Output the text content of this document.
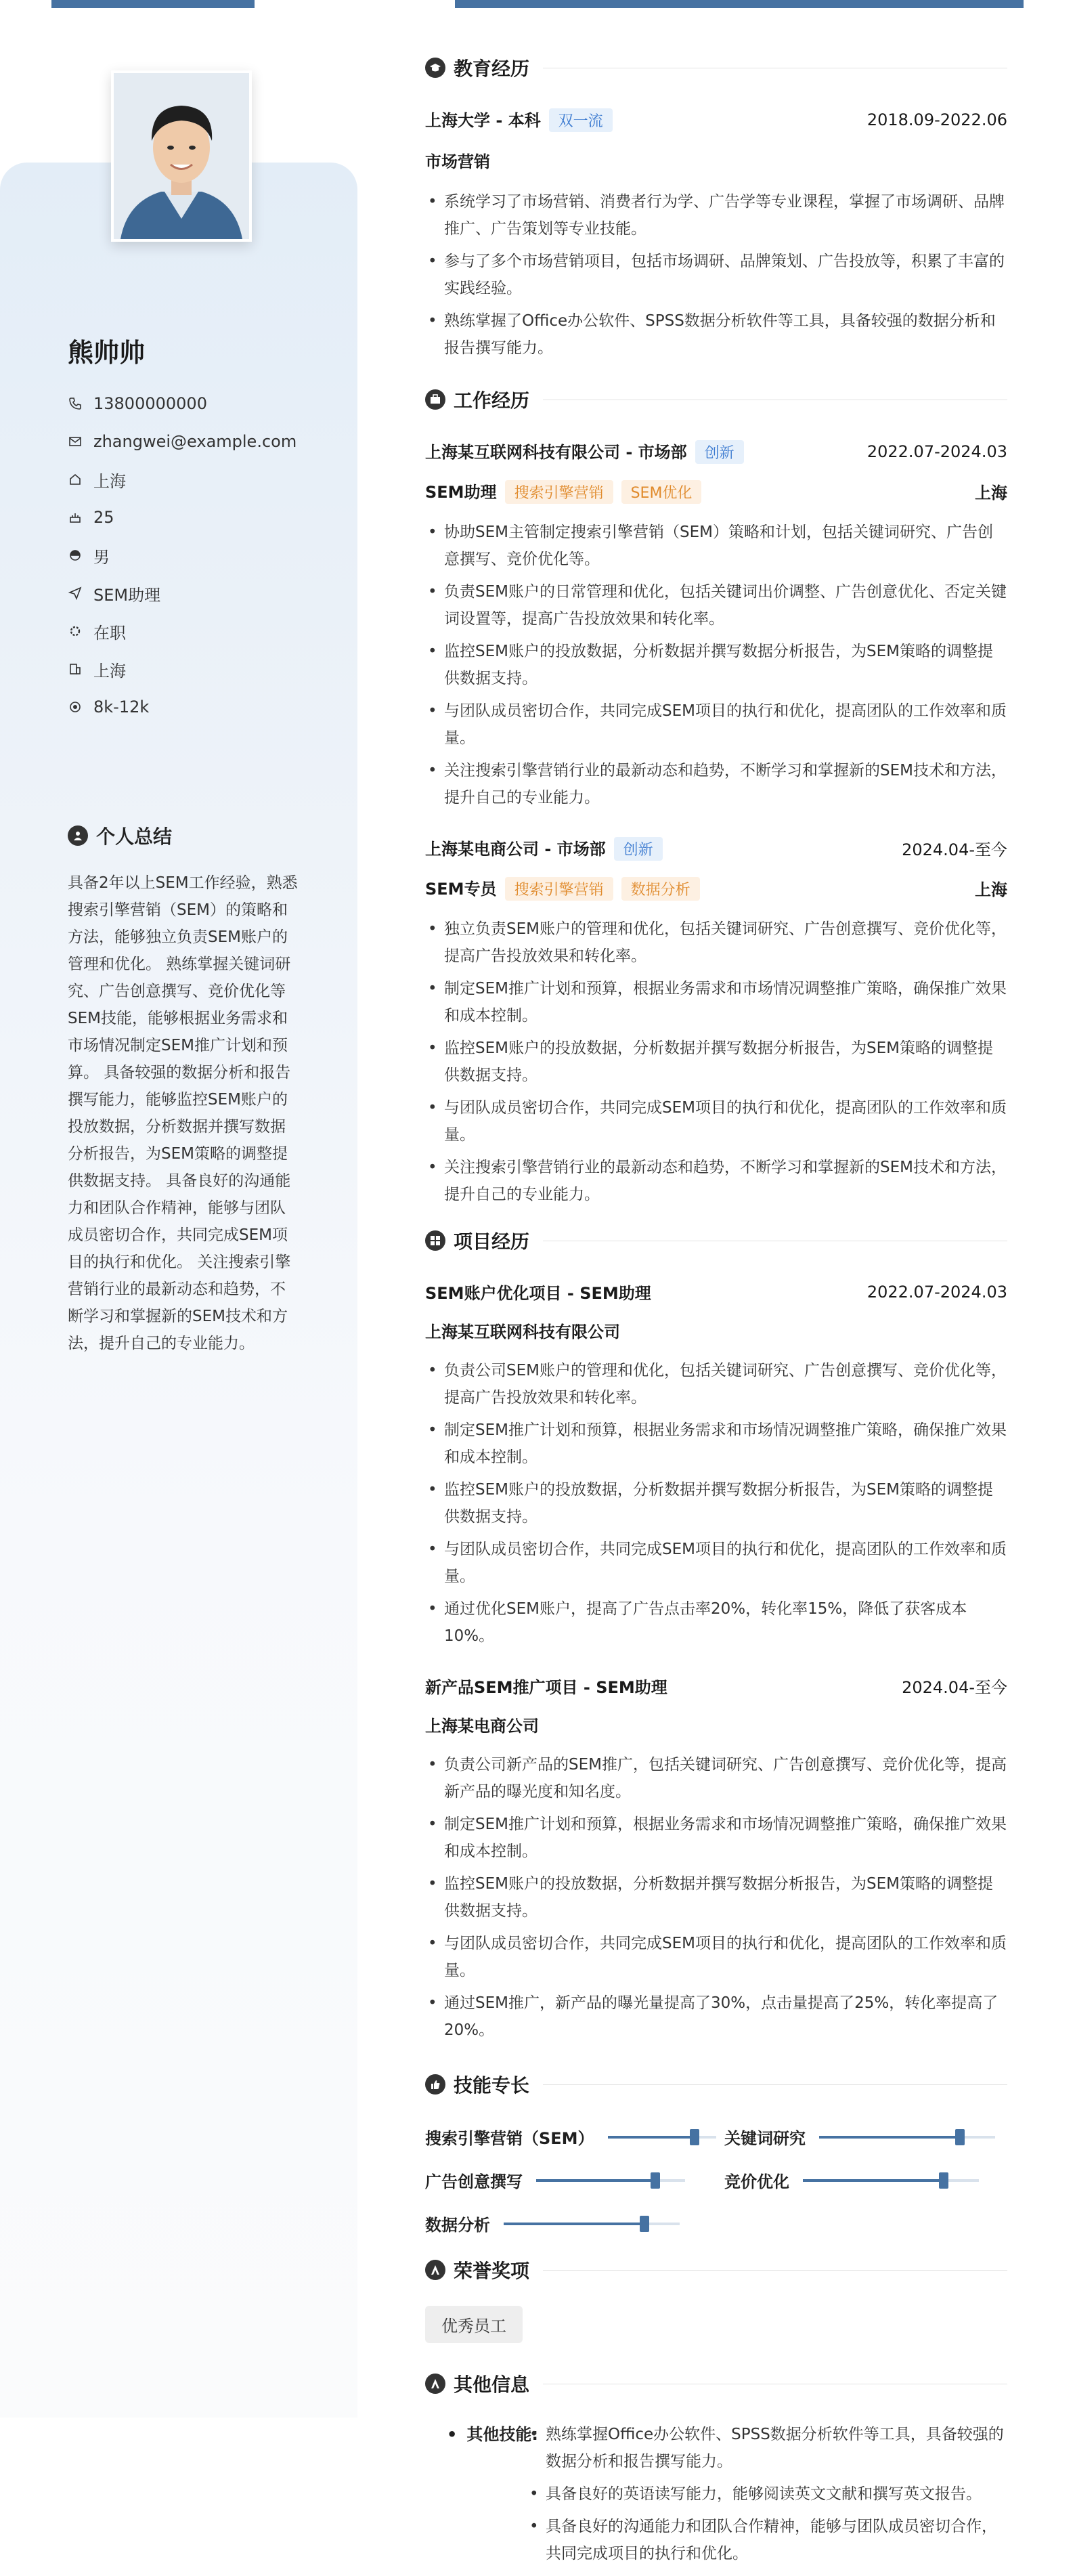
熊帅帅
13800000000
zhangwei@example.com
上海
25
男
SEM助理
在职
上海
8k-12k
个人总结
具备2年以上SEM工作经验，熟悉搜索引擎营销（SEM）的策略和方法，能够独立负责SEM账户的管理和优化。 熟练掌握关键词研究、广告创意撰写、竞价优化等SEM技能，能够根据业务需求和市场情况制定SEM推广计划和预算。 具备较强的数据分析和报告撰写能力，能够监控SEM账户的投放数据，分析数据并撰写数据分析报告，为SEM策略的调整提供数据支持。 具备良好的沟通能力和团队合作精神，能够与团队成员密切合作，共同完成SEM项目的执行和优化。 关注搜索引擎营销行业的最新动态和趋势，不断学习和掌握新的SEM技术和方法，提升自己的专业能力。
教育经历
上海大学 - 本科 双一流	2018.09-2022.06
市场营销
• 系统学习了市场营销、消费者行为学、广告学等专业课程，掌握了市场调研、品牌推广、广告策划等专业技能。
• 参与了多个市场营销项目，包括市场调研、品牌策划、广告投放等，积累了丰富的实践经验。
• 熟练掌握了Office办公软件、SPSS数据分析软件等工具，具备较强的数据分析和报告撰写能力。
工作经历
上海某互联网科技有限公司 - 市场部 创新	2022.07-2024.03
SEM助理 搜索引擎营销 SEM优化	上海
• 协助SEM主管制定搜索引擎营销（SEM）策略和计划，包括关键词研究、广告创意撰写、竞价优化等。
• 负责SEM账户的日常管理和优化，包括关键词出价调整、广告创意优化、否定关键词设置等，提高广告投放效果和转化率。
• 监控SEM账户的投放数据，分析数据并撰写数据分析报告，为SEM策略的调整提供数据支持。
• 与团队成员密切合作，共同完成SEM项目的执行和优化，提高团队的工作效率和质量。
• 关注搜索引擎营销行业的最新动态和趋势，不断学习和掌握新的SEM技术和方法，提升自己的专业能力。
上海某电商公司 - 市场部 创新	2024.04-至今
SEM专员 搜索引擎营销 数据分析	上海
• 独立负责SEM账户的管理和优化，包括关键词研究、广告创意撰写、竞价优化等，提高广告投放效果和转化率。
• 制定SEM推广计划和预算，根据业务需求和市场情况调整推广策略，确保推广效果和成本控制。
• 监控SEM账户的投放数据，分析数据并撰写数据分析报告，为SEM策略的调整提供数据支持。
• 与团队成员密切合作，共同完成SEM项目的执行和优化，提高团队的工作效率和质量。
• 关注搜索引擎营销行业的最新动态和趋势，不断学习和掌握新的SEM技术和方法，提升自己的专业能力。
项目经历
SEM账户优化项目 - SEM助理	2022.07-2024.03
上海某互联网科技有限公司
• 负责公司SEM账户的管理和优化，包括关键词研究、广告创意撰写、竞价优化等，提高广告投放效果和转化率。
• 制定SEM推广计划和预算，根据业务需求和市场情况调整推广策略，确保推广效果和成本控制。
• 监控SEM账户的投放数据，分析数据并撰写数据分析报告，为SEM策略的调整提供数据支持。
• 与团队成员密切合作，共同完成SEM项目的执行和优化，提高团队的工作效率和质量。
• 通过优化SEM账户，提高了广告点击率20%，转化率15%，降低了获客成本10%。
新产品SEM推广项目 - SEM助理	2024.04-至今
上海某电商公司
• 负责公司新产品的SEM推广，包括关键词研究、广告创意撰写、竞价优化等，提高新产品的曝光度和知名度。
• 制定SEM推广计划和预算，根据业务需求和市场情况调整推广策略，确保推广效果和成本控制。
• 监控SEM账户的投放数据，分析数据并撰写数据分析报告，为SEM策略的调整提供数据支持。
• 与团队成员密切合作，共同完成SEM项目的执行和优化，提高团队的工作效率和质量。
• 通过SEM推广，新产品的曝光量提高了30%，点击量提高了25%，转化率提高了20%。
技能专长
搜索引擎营销（SEM）	关键词研究
广告创意撰写	竞价优化
数据分析
荣誉奖项
优秀员工
其他信息
• 其他技能:
• 熟练掌握Office办公软件、SPSS数据分析软件等工具，具备较强的数据分析和报告撰写能力。
• 具备良好的英语读写能力，能够阅读英文文献和撰写英文报告。
• 具备良好的沟通能力和团队合作精神，能够与团队成员密切合作，共同完成项目的执行和优化。
